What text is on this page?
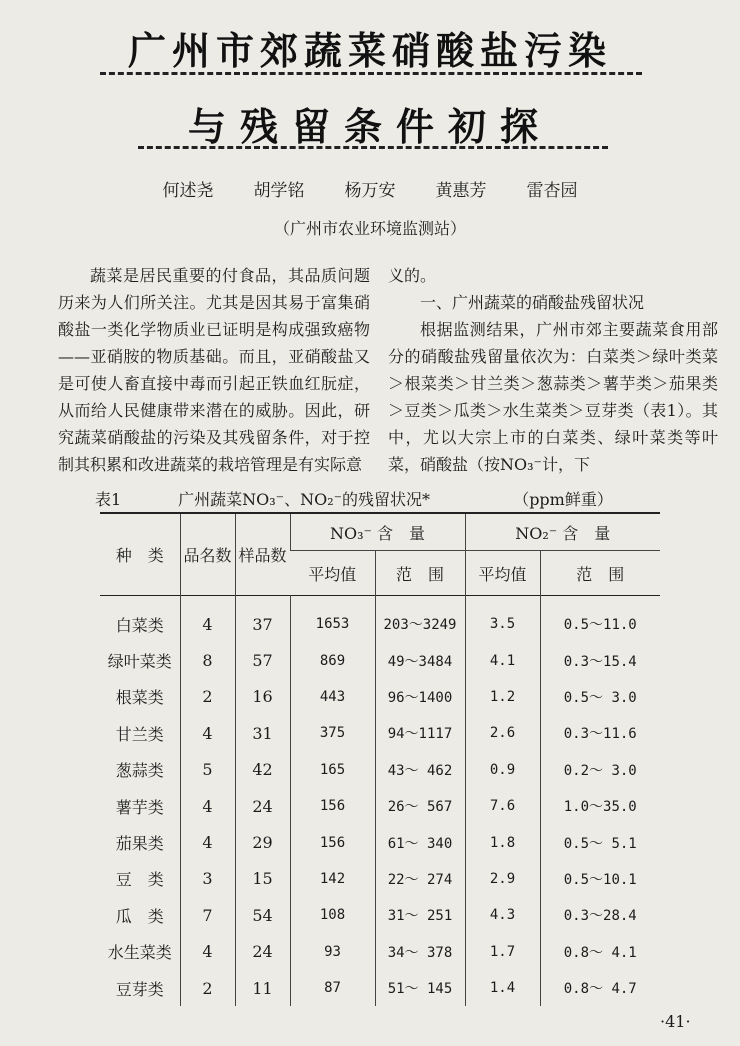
广州市郊蔬菜硝酸盐污染
与残留条件初探
何述尧 胡学铭 杨万安 黄惠芳 雷杏园
（广州市农业环境监测站）
蔬菜是居民重要的付食品，其品质问题历来为人们所关注。尤其是因其易于富集硝酸盐一类化学物质业已证明是构成强致癌物——亚硝胺的物质基础。而且，亚硝酸盐又是可使人畜直接中毒而引起正铁血红朊症，从而给人民健康带来潜在的威胁。因此，研究蔬菜硝酸盐的污染及其残留条件，对于控制其积累和改进蔬菜的栽培管理是有实际意

义的。

一、广州蔬菜的硝酸盐残留状况

根据监测结果，广州市郊主要蔬菜食用部分的硝酸盐残留量依次为：白菜类＞绿叶类菜＞根菜类＞甘兰类＞葱蒜类＞薯芋类＞茄果类＞豆类＞瓜类＞水生菜类＞豆芽类（表1）。其中，尤以大宗上市的白菜类、绿叶菜类等叶菜，硝酸盐（按NO₃⁻计，下

表1	广州蔬菜NO₃⁻、NO₂⁻的残留状况*	（ppm鲜重）
种　类	品名数	样品数	NO₃⁻ 含　量		NO₂⁻ 含　量	
			平均值	范　围	平均值	范　围
白菜类	4	37	1653	203～3249	3.5	0.5～11.0
绿叶菜类	8	57	869	49～3484	4.1	0.3～15.4
根菜类	2	16	443	96～1400	1.2	0.5～ 3.0
甘兰类	4	31	375	94～1117	2.6	0.3～11.6
葱蒜类	5	42	165	43～ 462	0.9	0.2～ 3.0
薯芋类	4	24	156	26～ 567	7.6	1.0～35.0
茄果类	4	29	156	61～ 340	1.8	0.5～ 5.1
豆　类	3	15	142	22～ 274	2.9	0.5～10.1
瓜　类	7	54	108	31～ 251	4.3	0.3～28.4
水生菜类	4	24	93	34～ 378	1.7	0.8～ 4.1
豆芽类	2	11	87	51～ 145	1.4	0.8～ 4.7
·41·
